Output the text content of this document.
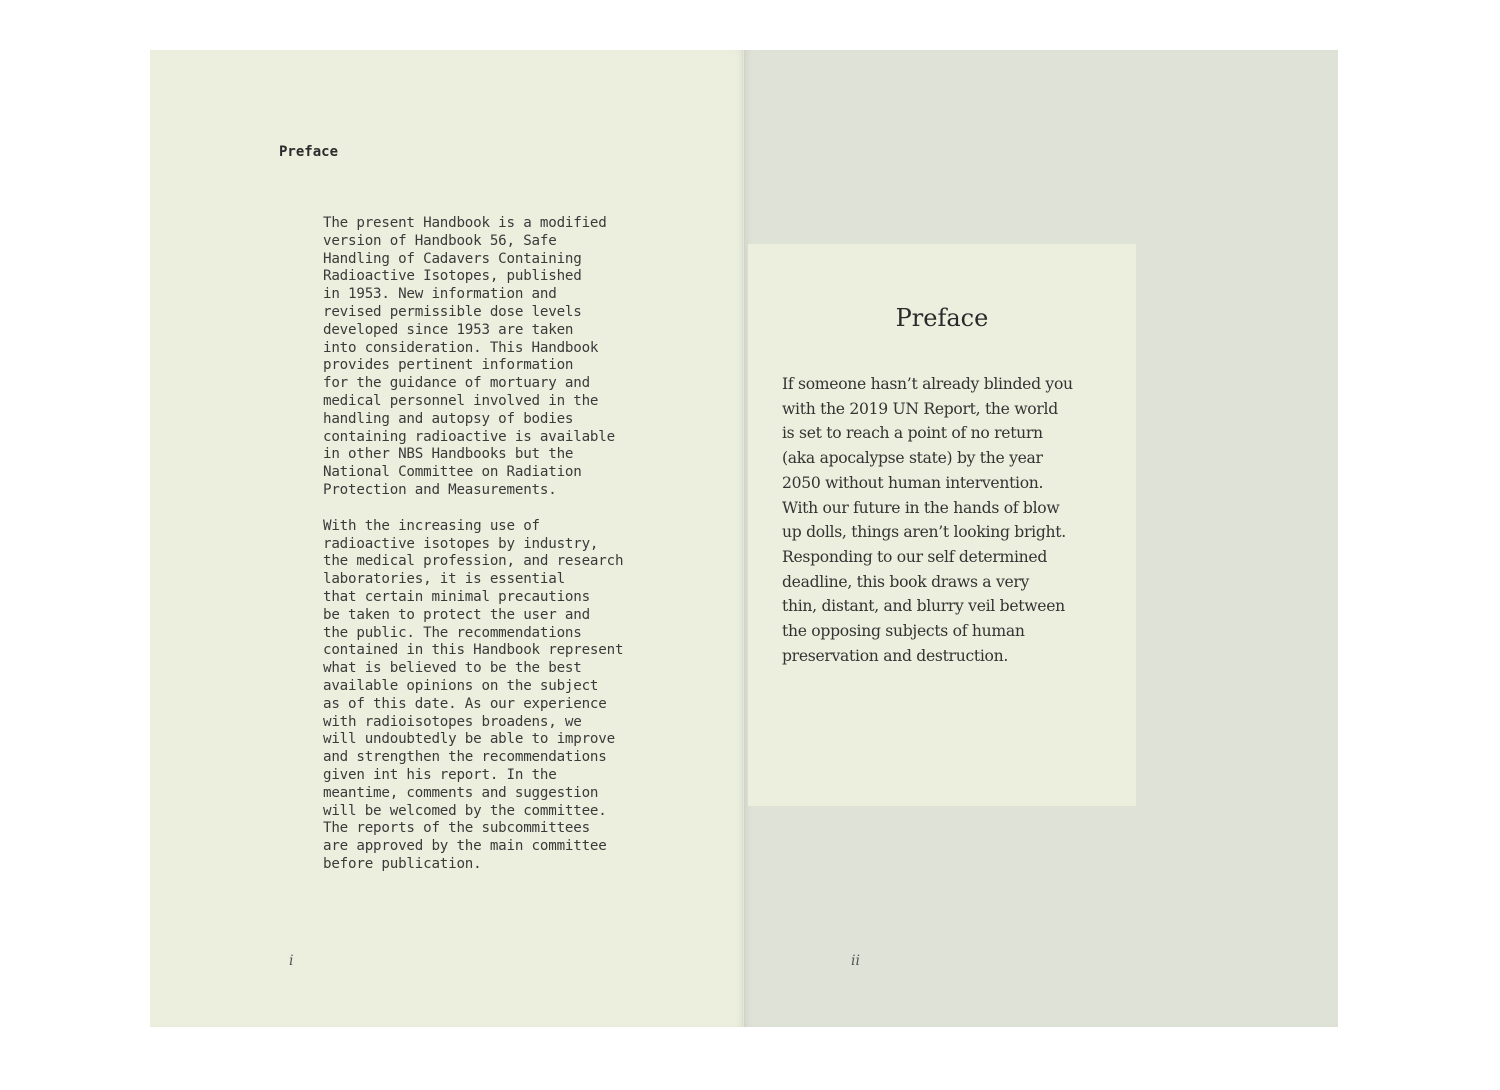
Preface

The present Handbook is a modified
version of Handbook 56, Safe
Handling of Cadavers Containing
Radioactive Isotopes, published
in 1953. New information and
revised permissible dose levels
developed since 1953 are taken
into consideration. This Handbook
provides pertinent information
for the guidance of mortuary and
medical personnel involved in the
handling and autopsy of bodies
containing radioactive is available
in other NBS Handbooks but the
National Committee on Radiation
Protection and Measurements.

With the increasing use of
radioactive isotopes by industry,
the medical profession, and research
laboratories, it is essential
that certain minimal precautions
be taken to protect the user and
the public. The recommendations
contained in this Handbook represent
what is believed to be the best
available opinions on the subject
as of this date. As our experience
with radioisotopes broadens, we
will undoubtedly be able to improve
and strengthen the recommendations
given int his report. In the
meantime, comments and suggestion
will be welcomed by the committee.
The reports of the subcommittees
are approved by the main committee
before publication.

i
Preface

If someone hasn’t already blinded you
with the 2019 UN Report, the world
is set to reach a point of no return
(aka apocalypse state) by the year
2050 without human intervention.
With our future in the hands of blow
up dolls, things aren’t looking bright.
Responding to our self determined
deadline, this book draws a very
thin, distant, and blurry veil between
the opposing subjects of human
preservation and destruction.

ii
